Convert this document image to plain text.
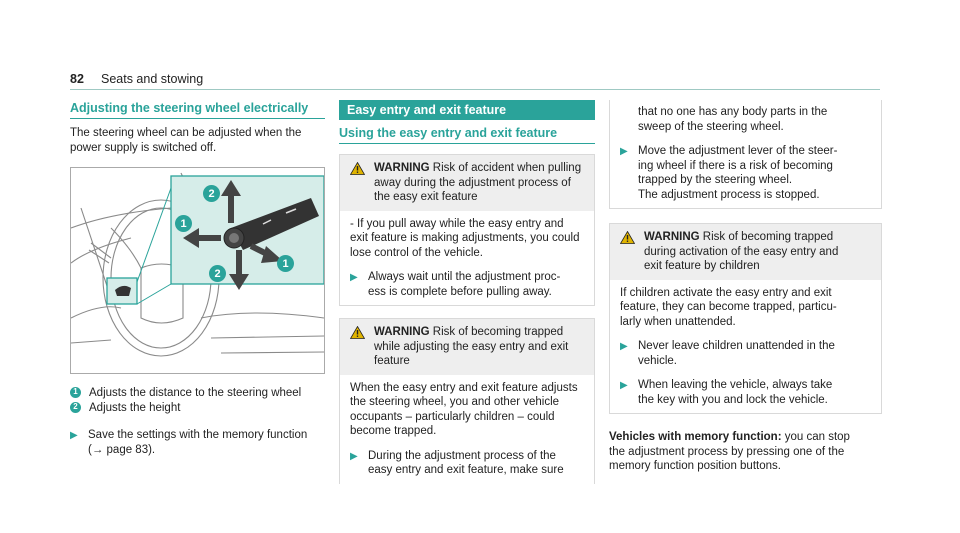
82 Seats and stowing
Adjusting the steering wheel electrically

The steering wheel can be adjusted when the

power supply is switched off.

2
1
1
2
1 Adjusts the distance to the steering wheel
2 Adjusts the height
▶ Save the settings with the memory function
(→ page 83).
Easy entry and exit feature
Using the easy entry and exit feature
WARNING Risk of accident when pulling
away during the adjustment process of
the easy exit feature
- If you pull away while the easy entry and
exit feature is making adjustments, you could
lose control of the vehicle.
▶ Always wait until the adjustment proc-
ess is complete before pulling away.
WARNING Risk of becoming trapped
while adjusting the easy entry and exit
feature
When the easy entry and exit feature adjusts
the steering wheel, you and other vehicle
occupants – particularly children – could
become trapped.
▶ During the adjustment process of the
easy entry and exit feature, make sure
that no one has any body parts in the
sweep of the steering wheel.
▶ Move the adjustment lever of the steer-
ing wheel if there is a risk of becoming
trapped by the steering wheel.
The adjustment process is stopped.
WARNING Risk of becoming trapped
during activation of the easy entry and
exit feature by children
If children activate the easy entry and exit
feature, they can become trapped, particu-
larly when unattended.
▶ Never leave children unattended in the
vehicle.
▶ When leaving the vehicle, always take
the key with you and lock the vehicle.
Vehicles with memory function: you can stop
the adjustment process by pressing one of the
memory function position buttons.
